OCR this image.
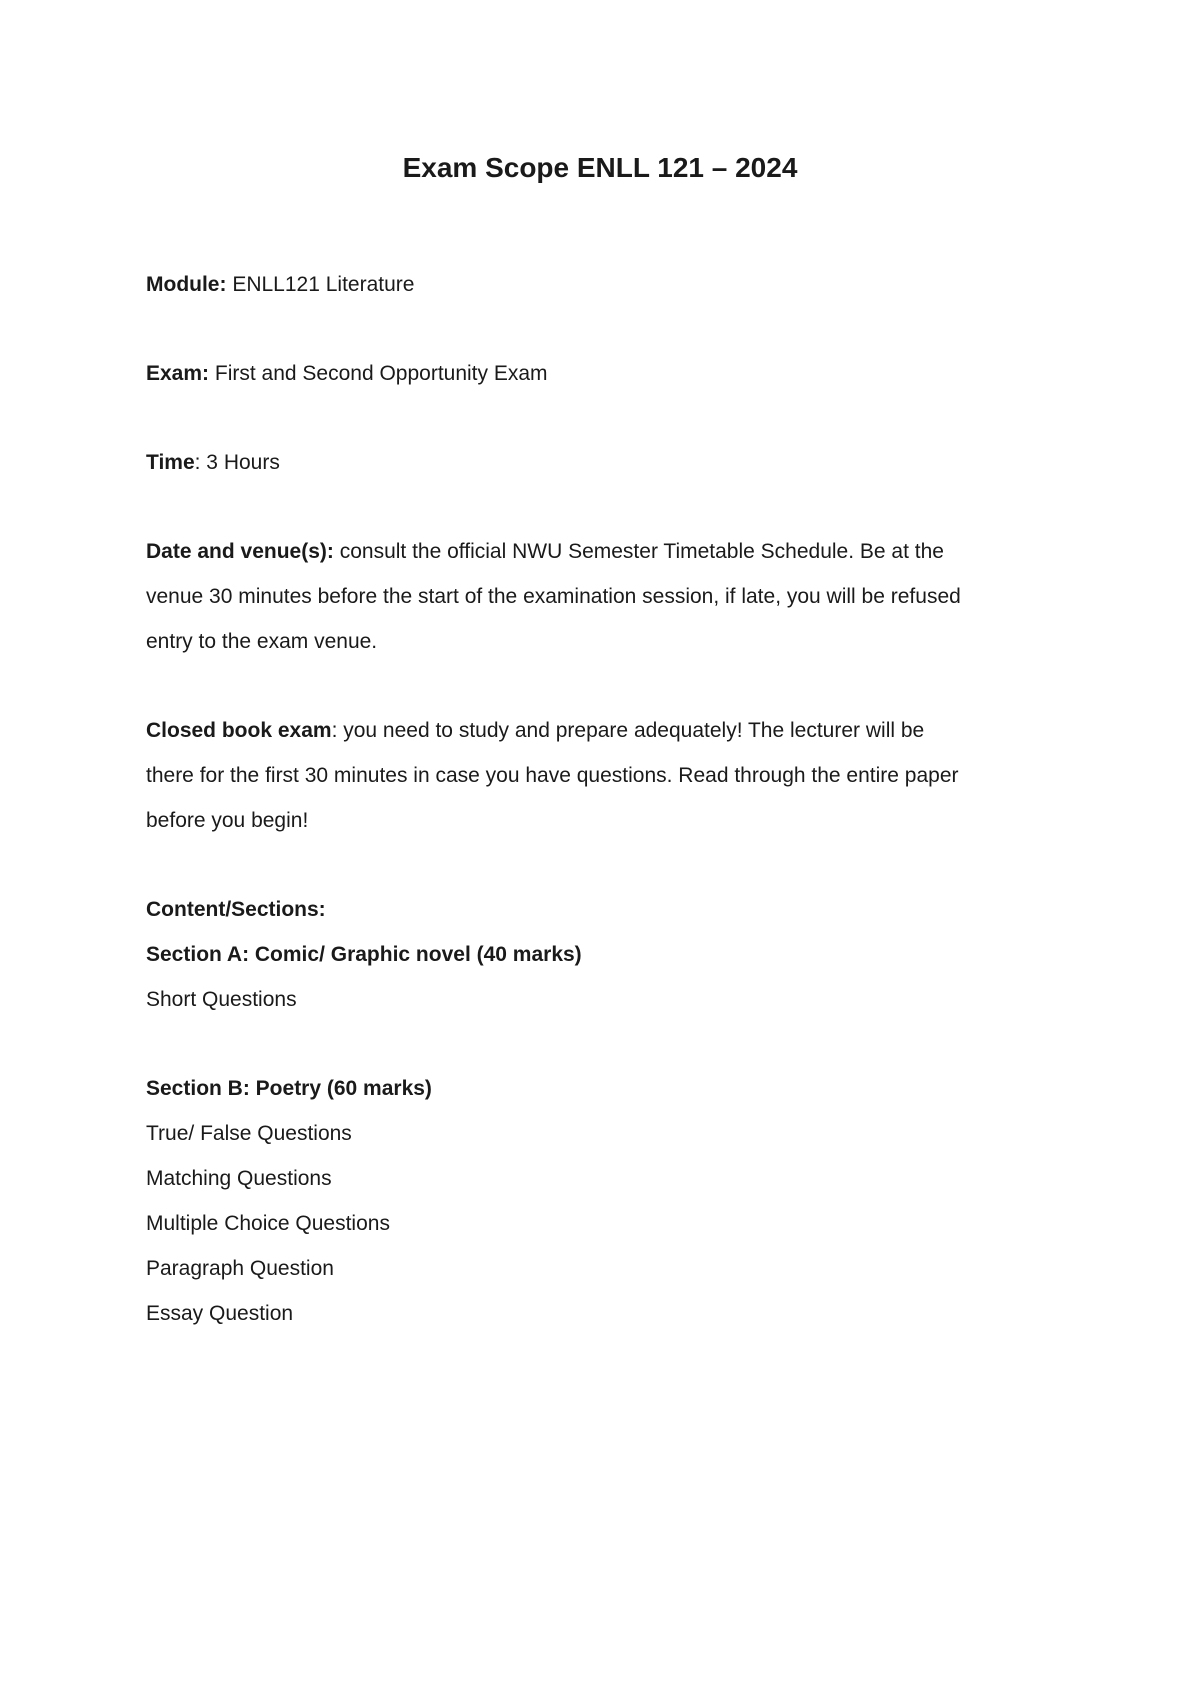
Exam Scope ENLL 121 – 2024

Module: ENLL121 Literature

Exam: First and Second Opportunity Exam

Time: 3 Hours

Date and venue(s): consult the official NWU Semester Timetable Schedule. Be at the
venue 30 minutes before the start of the examination session, if late, you will be refused
entry to the exam venue.

Closed book exam: you need to study and prepare adequately! The lecturer will be
there for the first 30 minutes in case you have questions. Read through the entire paper
before you begin!

Content/Sections:
Section A: Comic/ Graphic novel (40 marks)
Short Questions
Section B: Poetry (60 marks)
True/ False Questions
Matching Questions
Multiple Choice Questions
Paragraph Question
Essay Question
